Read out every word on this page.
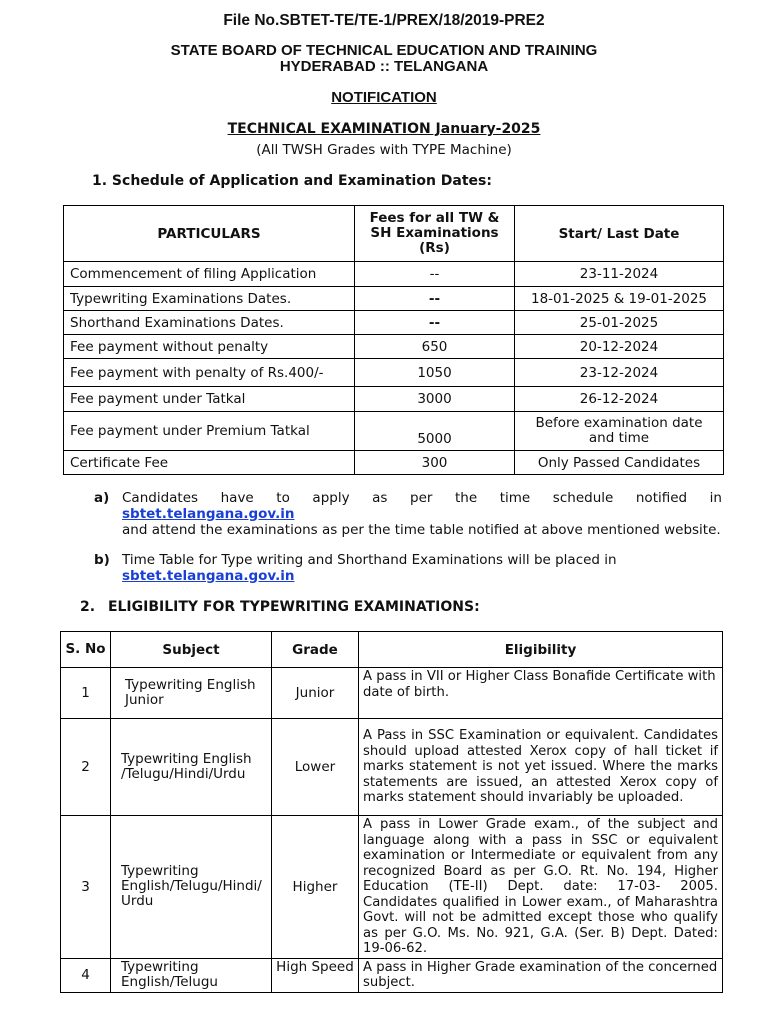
File No.SBTET-TE/TE-1/PREX/18/2019-PRE2
STATE BOARD OF TECHNICAL EDUCATION AND TRAINING
HYDERABAD :: TELANGANA
NOTIFICATION
TECHNICAL EXAMINATION January-2025
(All TWSH Grades with TYPE Machine)
1. Schedule of Application and Examination Dates:
PARTICULARS	Fees for all TW & SH Examinations (Rs)	Start/ Last Date
Commencement of filing Application	--	23-11-2024
Typewriting Examinations Dates.	--	18-01-2025 & 19-01-2025
Shorthand Examinations Dates.	--	25-01-2025
Fee payment without penalty	650	20-12-2024
Fee payment with penalty of Rs.400/-	1050	23-12-2024
Fee payment under Tatkal	3000	26-12-2024
Fee payment under Premium Tatkal	5000	Before examination date and time
Certificate Fee	300	Only Passed Candidates
a) Candidates have to apply as per the time schedule notified in
sbtet.telangana.gov.in
and attend the examinations as per the time table notified at above mentioned website.
b) Time Table for Type writing and Shorthand Examinations will be placed in
sbtet.telangana.gov.in
2. ELIGIBILITY FOR TYPEWRITING EXAMINATIONS:
S. No	Subject	Grade	Eligibility
1	Typewriting English Junior	Junior	A pass in VII or Higher Class Bonafide Certificate with date of birth.
2	Typewriting English /Telugu/Hindi/Urdu	Lower	A Pass in SSC Examination or equivalent. Candidates should upload attested Xerox copy of hall ticket if marks statement is not yet issued. Where the marks statements are issued, an attested Xerox copy of marks statement should invariably be uploaded.
3	Typewriting English/Telugu/Hindi/ Urdu	Higher	A pass in Lower Grade exam., of the subject and language along with a pass in SSC or equivalent examination or Intermediate or equivalent from any recognized Board as per G.O. Rt. No. 194, Higher Education (TE-II) Dept. date: 17-03- 2005. Candidates qualified in Lower exam., of Maharashtra Govt. will not be admitted except those who qualify as per G.O. Ms. No. 921, G.A. (Ser. B) Dept. Dated: 19-06-62.
4	Typewriting English/Telugu	High Speed	A pass in Higher Grade examination of the concerned subject.
